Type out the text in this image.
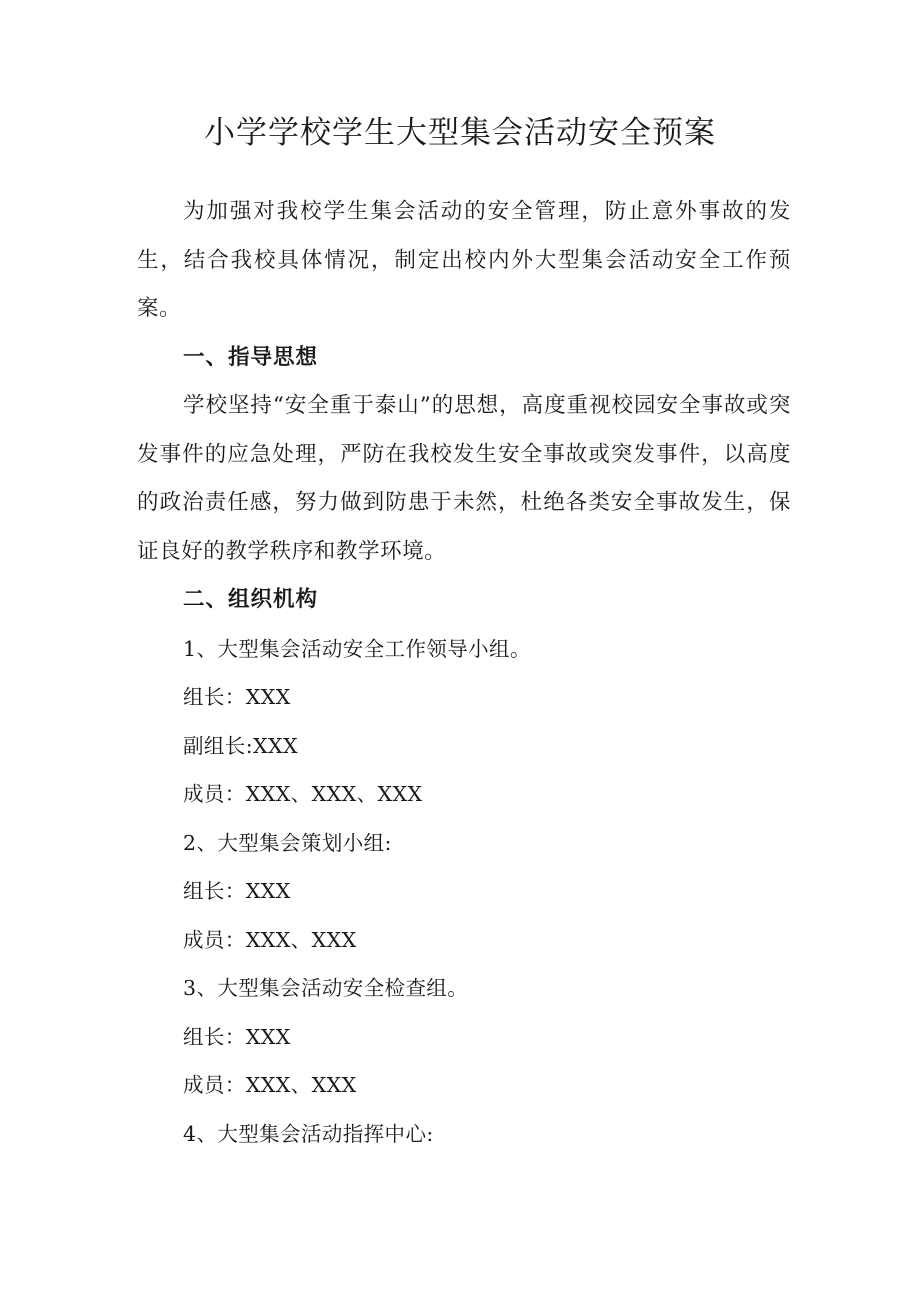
小学学校学生大型集会活动安全预案

为加强对我校学生集会活动的安全管理，防止意外事故的发生，结合我校具体情况，制定出校内外大型集会活动安全工作预案。

一、指导思想

学校坚持“安全重于泰山”的思想，高度重视校园安全事故或突发事件的应急处理，严防在我校发生安全事故或突发事件，以高度的政治责任感，努力做到防患于未然，杜绝各类安全事故发生，保证良好的教学秩序和教学环境。

二、组织机构

1、大型集会活动安全工作领导小组。

组长：XXX

副组长:XXX

成员：XXX、XXX、XXX

2、大型集会策划小组:

组长：XXX

成员：XXX、XXX

3、大型集会活动安全检查组。

组长：XXX

成员：XXX、XXX

4、大型集会活动指挥中心:
